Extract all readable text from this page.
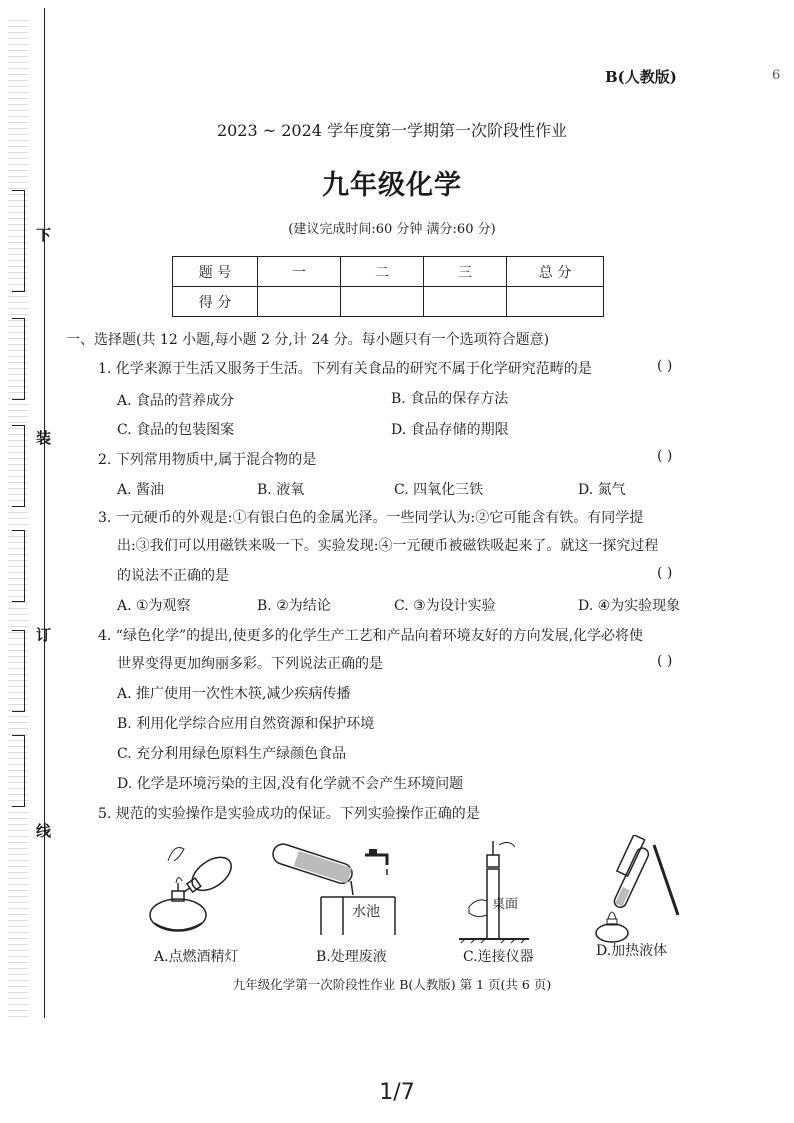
下
装
订
线
B(人教版)	6
2023 ~ 2024 学年度第一学期第一次阶段性作业
九年级化学
(建议完成时间:60 分钟 满分:60 分)
题 号	一	二	三	总 分
得 分				
一、选择题(共 12 小题,每小题 2 分,计 24 分。每小题只有一个选项符合题意)
1. 化学来源于生活又服务于生活。下列有关食品的研究不属于化学研究范畴的是	( )
A. 食品的营养成分	B. 食品的保存方法
C. 食品的包装图案	D. 食品存储的期限
2. 下列常用物质中,属于混合物的是	( )
A. 酱油	B. 液氧	C. 四氧化三铁	D. 氮气
3. 一元硬币的外观是:①有银白色的金属光泽。一些同学认为:②它可能含有铁。有同学提
出:③我们可以用磁铁来吸一下。实验发现:④一元硬币被磁铁吸起来了。就这一探究过程
的说法不正确的是	( )
A. ①为观察	B. ②为结论	C. ③为设计实验	D. ④为实验现象
4. “绿色化学”的提出,使更多的化学生产工艺和产品向着环境友好的方向发展,化学必将使
世界变得更加绚丽多彩。下列说法正确的是	( )
A. 推广使用一次性木筷,减少疾病传播
B. 利用化学综合应用自然资源和保护环境
C. 充分利用绿色原料生产绿颜色食品
D. 化学是环境污染的主因,没有化学就不会产生环境问题
5. 规范的实验操作是实验成功的保证。下列实验操作正确的是
水池	桌面
A.点燃酒精灯	B.处理废液	C.连接仪器	D.加热液体
九年级化学第一次阶段性作业 B(人教版) 第 1 页(共 6 页)
1/7
